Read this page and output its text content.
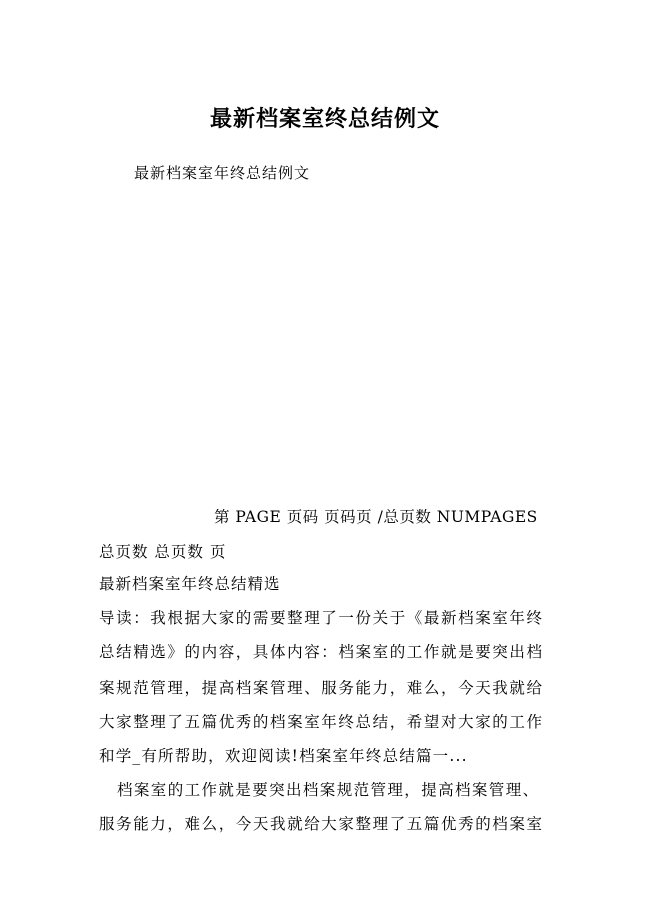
最新档案室终总结例文
最新档案室年终总结例文
第 PAGE 页码 页码页 /总页数 NUMPAGES
总页数 总页数 页
最新档案室年终总结精选
导读：我根据大家的需要整理了一份关于《最新档案室年终
总结精选》的内容，具体内容：档案室的工作就是要突出档
案规范管理，提高档案管理、服务能力，难么，今天我就给
大家整理了五篇优秀的档案室年终总结，希望对大家的工作
和学_有所帮助，欢迎阅读!档案室年终总结篇一...
档案室的工作就是要突出档案规范管理，提高档案管理、
服务能力，难么，今天我就给大家整理了五篇优秀的档案室
